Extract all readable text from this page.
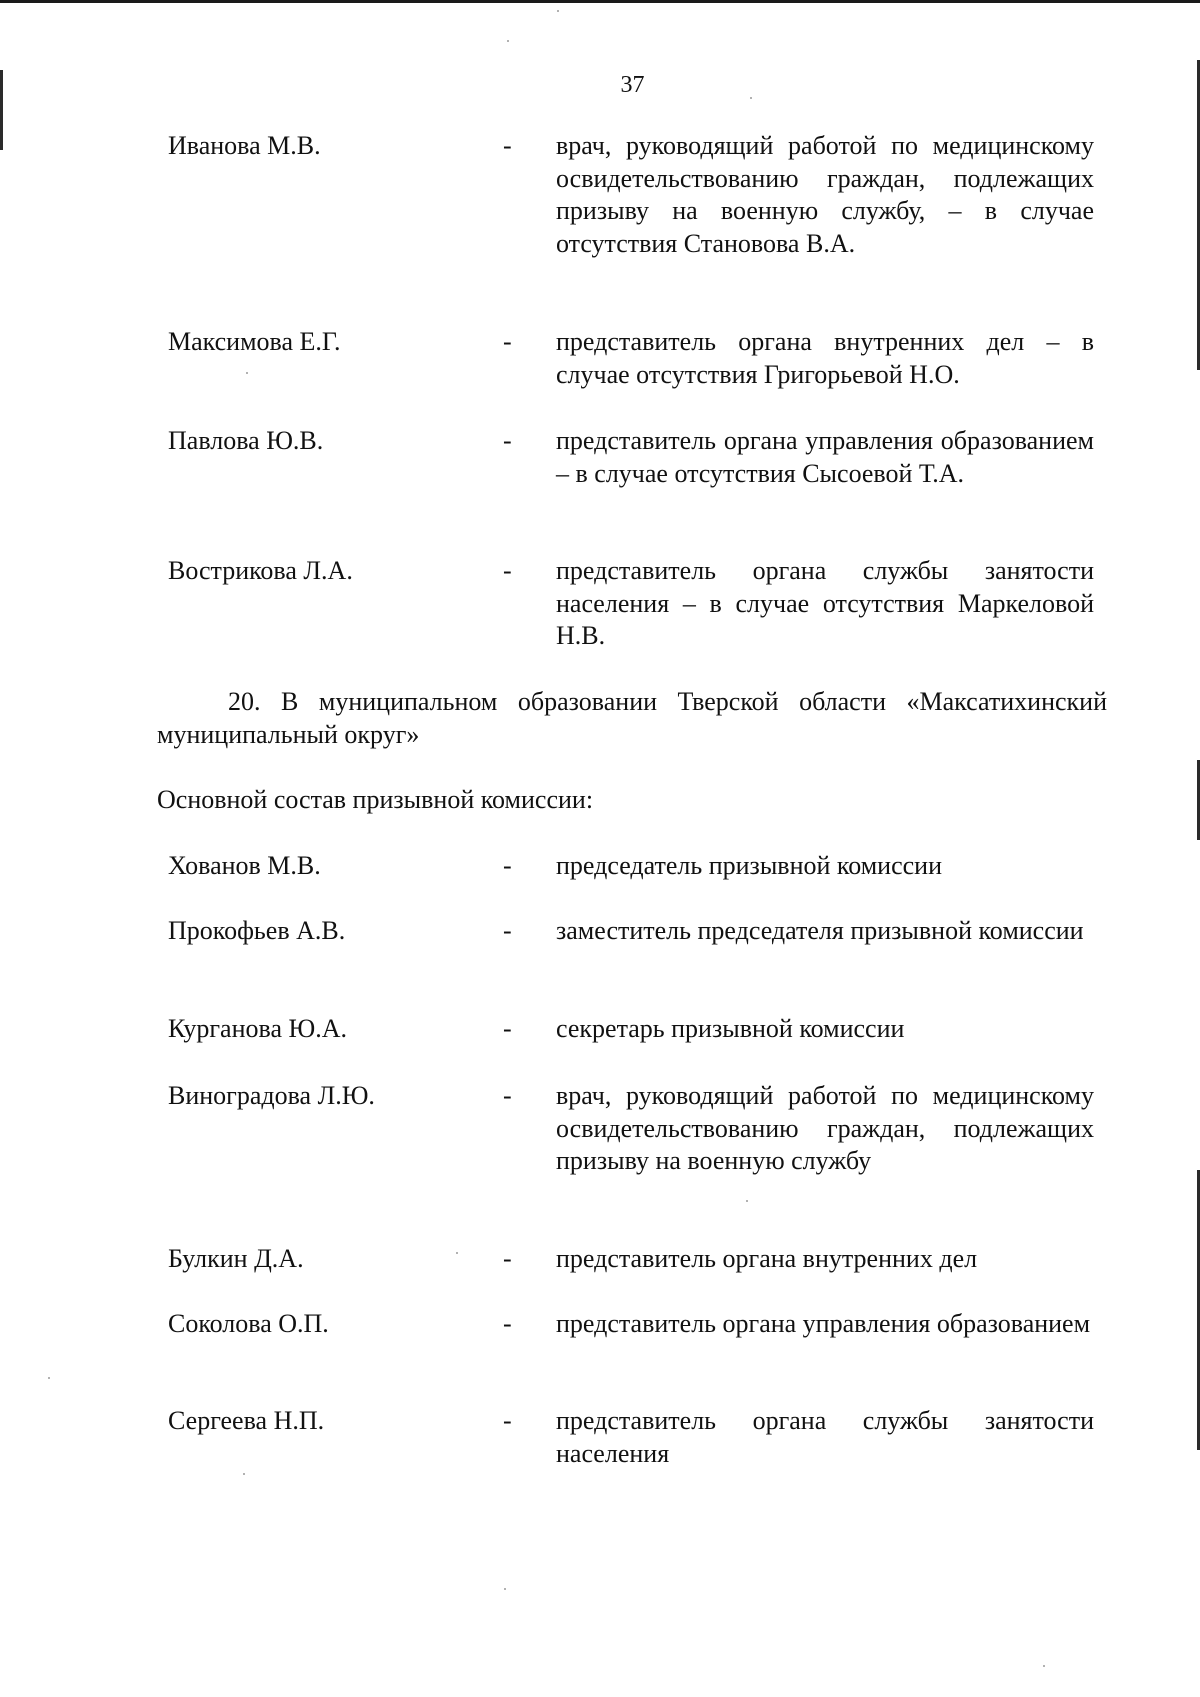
37
Иванова М.В.	- врач, руководящий работой по медицинскому освидетельствованию граждан, подлежащих призыву на военную службу, – в случае отсутствия Становова В.А.
Максимова Е.Г.	- представитель органа внутренних дел – в случае отсутствия Григорьевой Н.О.
Павлова Ю.В.	- представитель органа управления образованием – в случае отсутствия Сысоевой Т.А.
Вострикова Л.А.	- представитель органа службы занятости населения – в случае отсутствия Маркеловой Н.В.
20. В муниципальном образовании Тверской области «Максатихинский муниципальный округ»
Основной состав призывной комиссии:
Хованов М.В.	- председатель призывной комиссии
Прокофьев А.В.	- заместитель председателя призывной комиссии
Курганова Ю.А.	- секретарь призывной комиссии
Виноградова Л.Ю.	- врач, руководящий работой по медицинскому освидетельствованию граждан, подлежащих призыву на военную службу
Булкин Д.А.	- представитель органа внутренних дел
Соколова О.П.	- представитель органа управления образованием
Сергеева Н.П.	- представитель органа службы занятости населения
